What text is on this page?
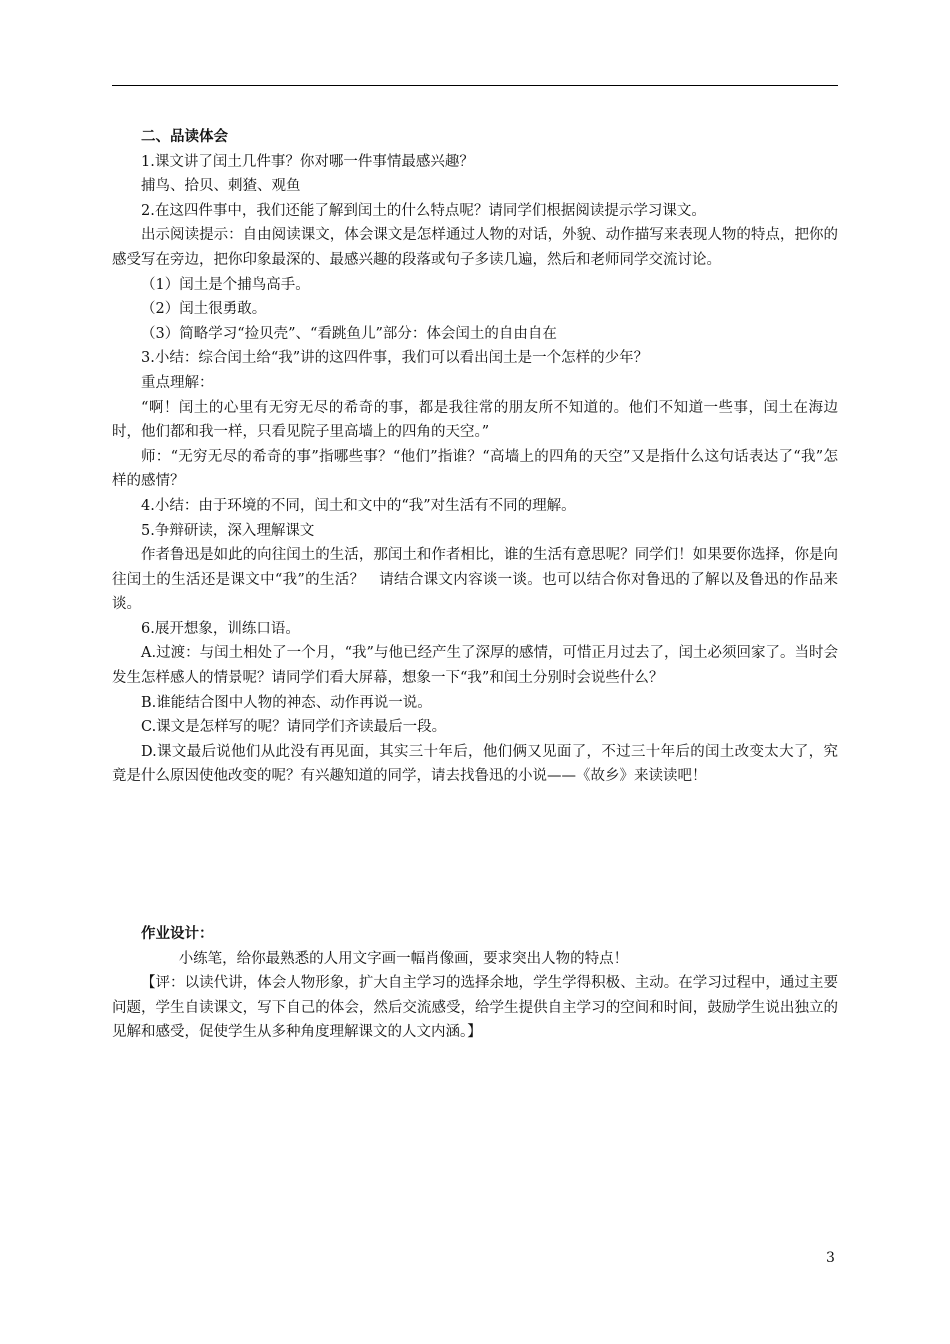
二、品读体会

1.课文讲了闰土几件事？你对哪一件事情最感兴趣？

捕鸟、拾贝、刺猹、观鱼

2.在这四件事中，我们还能了解到闰土的什么特点呢？请同学们根据阅读提示学习课文。

出示阅读提示：自由阅读课文，体会课文是怎样通过人物的对话，外貌、动作描写来表现人物的特点，把你的感受写在旁边，把你印象最深的、最感兴趣的段落或句子多读几遍，然后和老师同学交流讨论。

（1）闰土是个捕鸟高手。

（2）闰土很勇敢。

（3）简略学习“捡贝壳”、“看跳鱼儿”部分：体会闰土的自由自在

3.小结：综合闰土给“我”讲的这四件事，我们可以看出闰土是一个怎样的少年？

重点理解：

“啊！闰土的心里有无穷无尽的希奇的事，都是我往常的朋友所不知道的。他们不知道一些事，闰土在海边时，他们都和我一样，只看见院子里高墙上的四角的天空。”

师：“无穷无尽的希奇的事”指哪些事？“他们”指谁？“高墙上的四角的天空”又是指什么这句话表达了“我”怎样的感情？

4.小结：由于环境的不同，闰土和文中的“我”对生活有不同的理解。

5.争辩研读，深入理解课文

作者鲁迅是如此的向往闰土的生活，那闰土和作者相比，谁的生活有意思呢？同学们！如果要你选择，你是向往闰土的生活还是课文中“我”的生活？　请结合课文内容谈一谈。也可以结合你对鲁迅的了解以及鲁迅的作品来谈。

6.展开想象，训练口语。

A.过渡：与闰土相处了一个月，“我”与他已经产生了深厚的感情，可惜正月过去了，闰土必须回家了。当时会发生怎样感人的情景呢？请同学们看大屏幕，想象一下“我”和闰土分别时会说些什么？

B.谁能结合图中人物的神态、动作再说一说。

C.课文是怎样写的呢？请同学们齐读最后一段。

D.课文最后说他们从此没有再见面，其实三十年后，他们俩又见面了，不过三十年后的闰土改变太大了，究竟是什么原因使他改变的呢？有兴趣知道的同学，请去找鲁迅的小说——《故乡》来读读吧！

作业设计：

小练笔，给你最熟悉的人用文字画一幅肖像画，要求突出人物的特点！

【评：以读代讲，体会人物形象，扩大自主学习的选择余地，学生学得积极、主动。在学习过程中，通过主要问题，学生自读课文，写下自己的体会，然后交流感受，给学生提供自主学习的空间和时间，鼓励学生说出独立的见解和感受，促使学生从多种角度理解课文的人文内涵。】

3
